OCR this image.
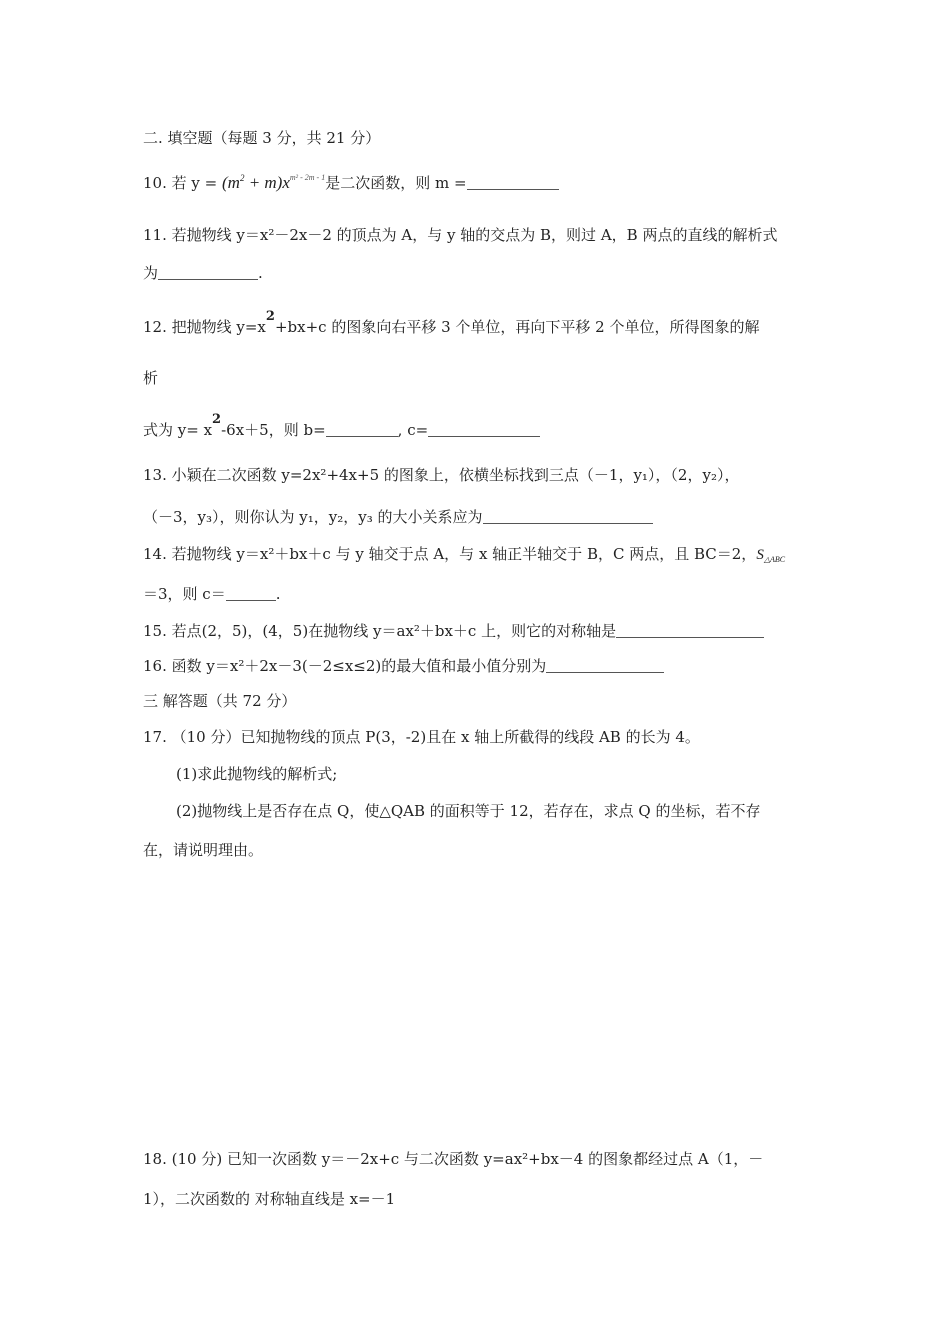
二. 填空题（每题 3 分，共 21 分）
10. 若 $y = (m^2 + m)x^{m^2 - 2m - 1}$是二次函数，则 m =
11. 若抛物线 y＝x²－2x－2 的顶点为 A，与 y 轴的交点为 B，则过 A，B 两点的直线的解析式
为	.
12. 把抛物线 y=x2+bx+c 的图象向右平移 3 个单位，再向下平移 2 个单位，所得图象的解
析
式为 y= x2-6x＋5，则 b=	, c=
13. 小颖在二次函数 y=2x²+4x+5 的图象上，依横坐标找到三点（－1，y₁），（2，y₂），
（－3，y₃），则你认为 y₁，y₂，y₃ 的大小关系应为
14. 若抛物线 y＝x²＋bx＋c 与 y 轴交于点 A，与 x 轴正半轴交于 B，C 两点，且 BC＝2，$S_{\triangle ABC}$
＝3，则 c＝	.
15. 若点(2，5)，(4，5)在抛物线 y＝ax²＋bx＋c 上，则它的对称轴是
16. 函数 y＝x²＋2x－3(－2≤x≤2)的最大值和最小值分别为
三 解答题（共 72 分）
17. （10 分）已知抛物线的顶点 P(3，-2)且在 x 轴上所截得的线段 AB 的长为 4。
(1)求此抛物线的解析式;
(2)抛物线上是否存在点 Q，使△QAB 的面积等于 12，若存在，求点 Q 的坐标，若不存
在，请说明理由。
18. (10 分) 已知一次函数 y＝－2x+c 与二次函数 y=ax²+bx－4 的图象都经过点 A（1，－
1），二次函数的 对称轴直线是 x=－1
